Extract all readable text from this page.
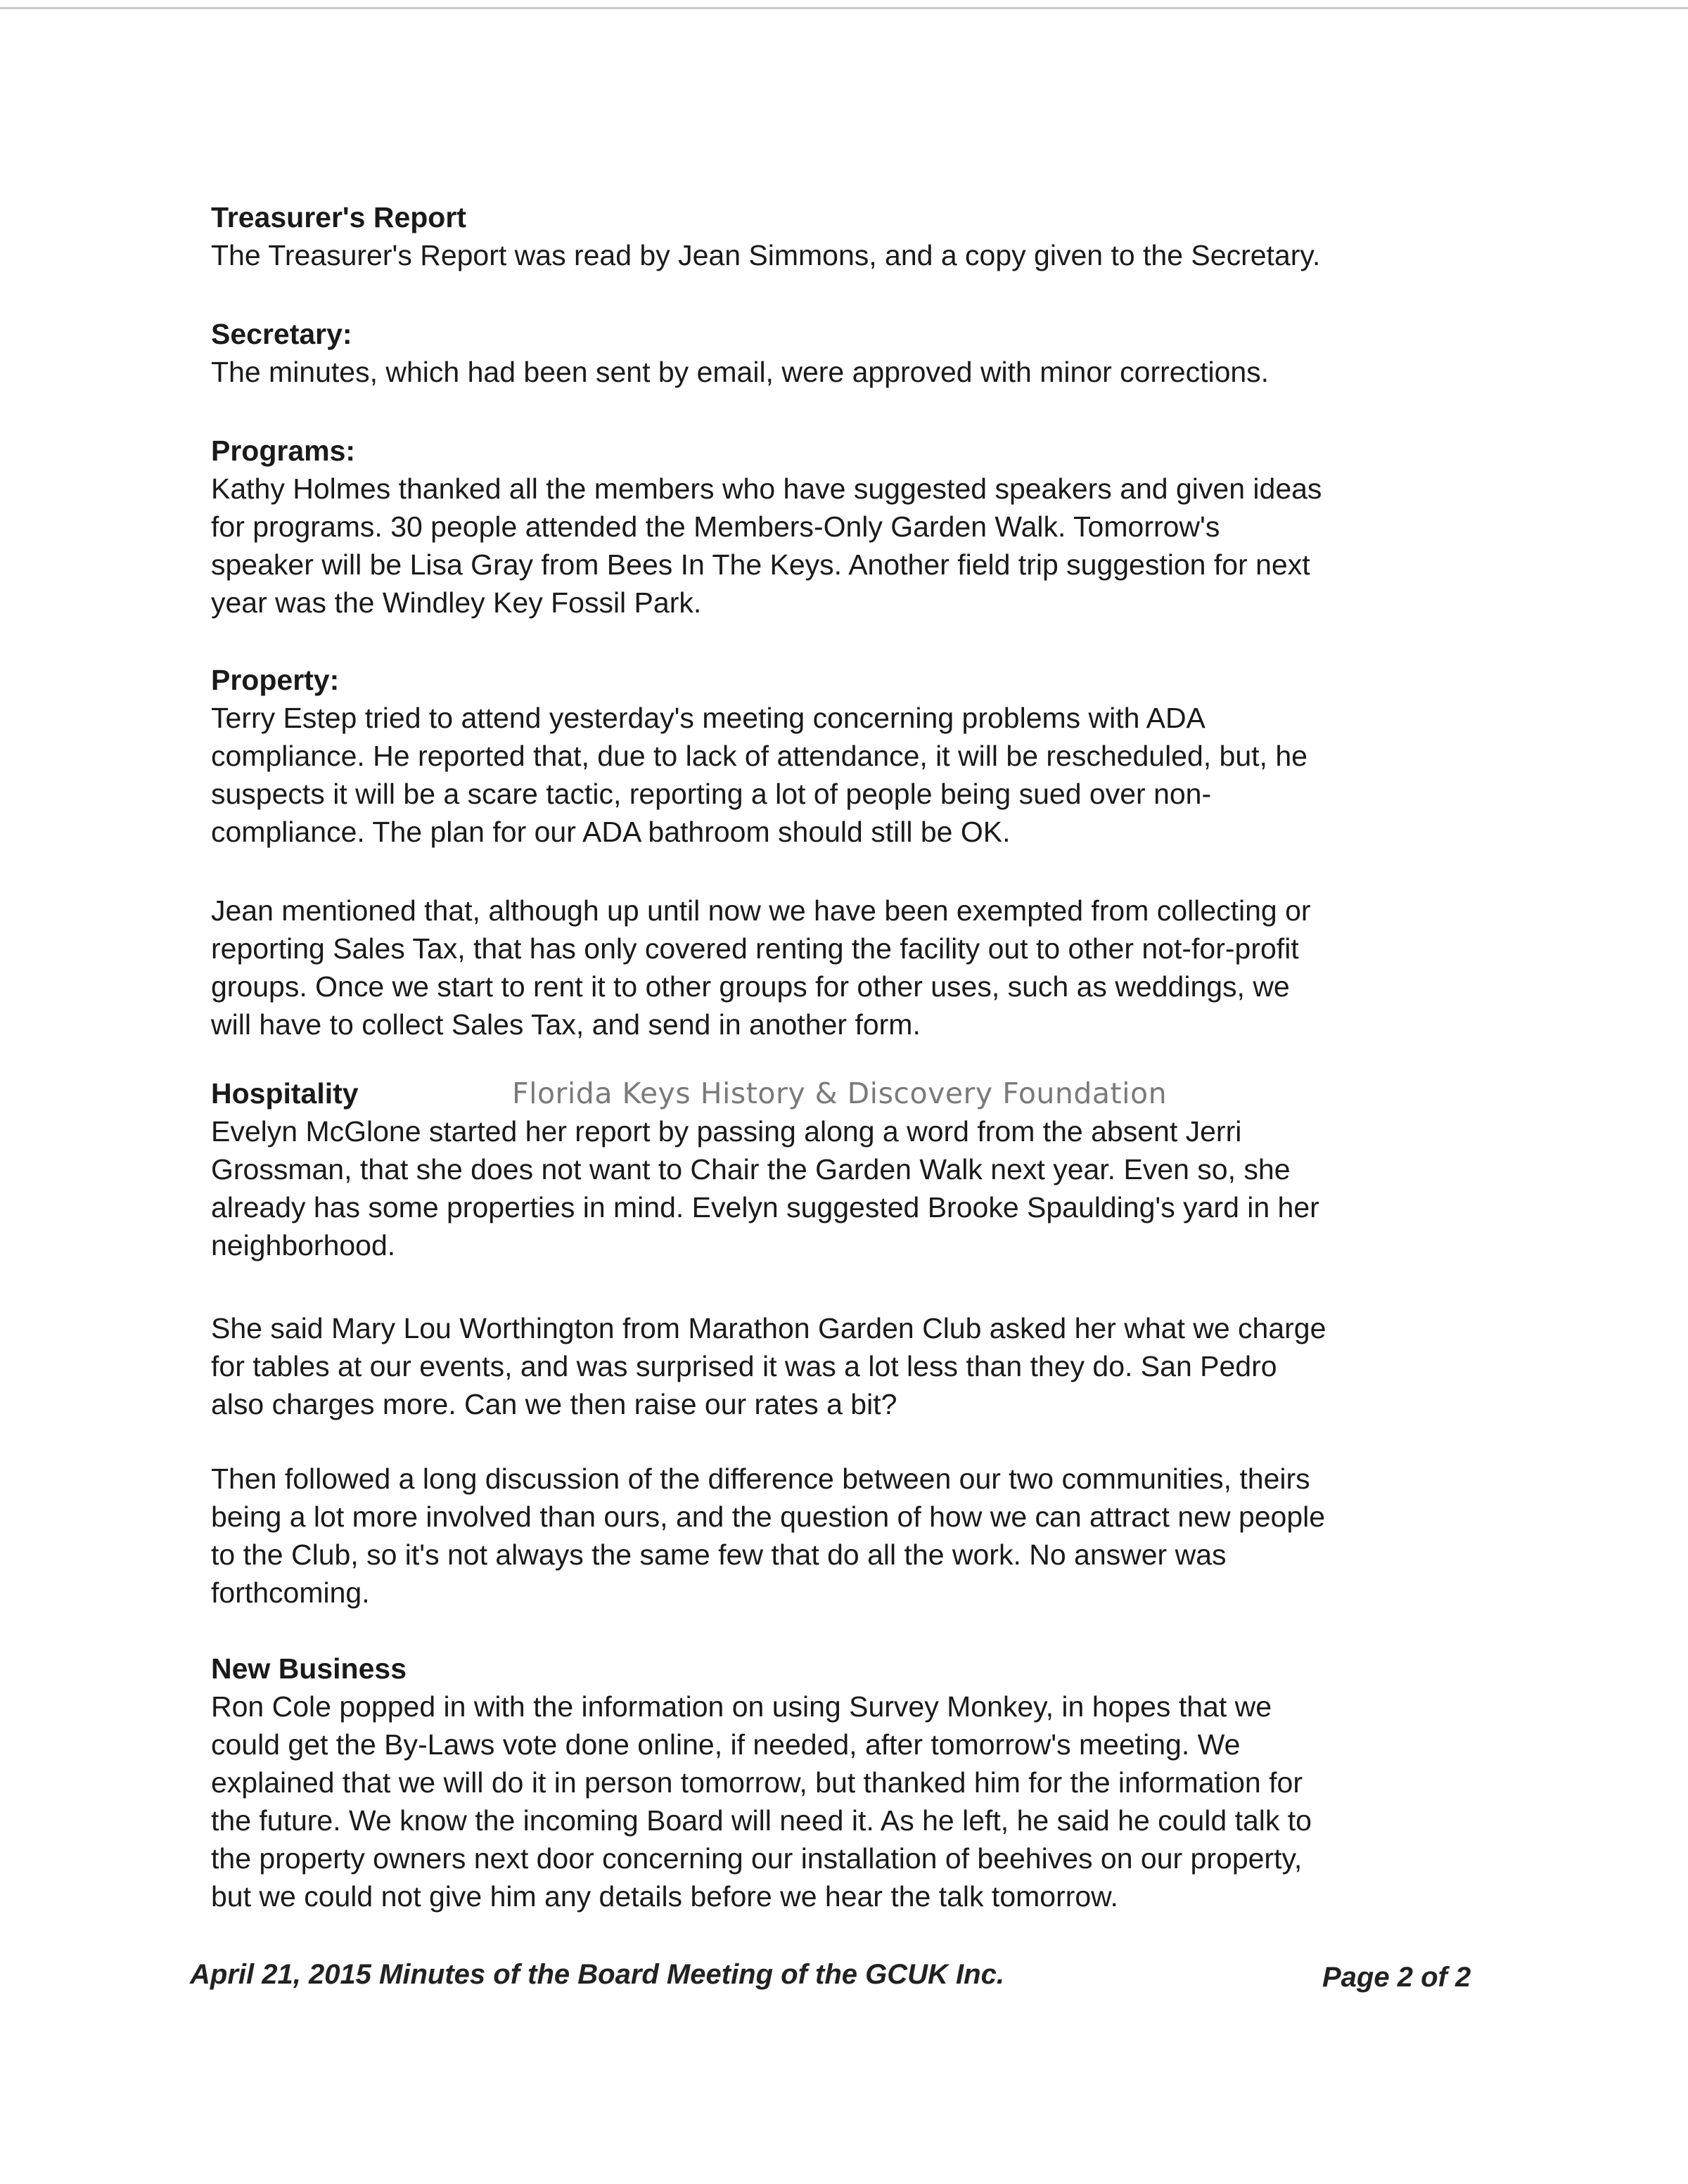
Treasurer's Report
The Treasurer's Report was read by Jean Simmons, and a copy given to the Secretary.
Secretary:
The minutes, which had been sent by email, were approved with minor corrections.
Programs:
Kathy Holmes thanked all the members who have suggested speakers and given ideas
for programs. 30 people attended the Members-Only Garden Walk. Tomorrow's
speaker will be Lisa Gray from Bees In The Keys. Another field trip suggestion for next
year was the Windley Key Fossil Park.
Property:
Terry Estep tried to attend yesterday's meeting concerning problems with ADA
compliance. He reported that, due to lack of attendance, it will be rescheduled, but, he
suspects it will be a scare tactic, reporting a lot of people being sued over non-
compliance. The plan for our ADA bathroom should still be OK.
Jean mentioned that, although up until now we have been exempted from collecting or
reporting Sales Tax, that has only covered renting the facility out to other not-for-profit
groups. Once we start to rent it to other groups for other uses, such as weddings, we
will have to collect Sales Tax, and send in another form.
Hospitality
Evelyn McGlone started her report by passing along a word from the absent Jerri
Grossman, that she does not want to Chair the Garden Walk next year. Even so, she
already has some properties in mind. Evelyn suggested Brooke Spaulding's yard in her
neighborhood.
Florida Keys History & Discovery Foundation
She said Mary Lou Worthington from Marathon Garden Club asked her what we charge
for tables at our events, and was surprised it was a lot less than they do. San Pedro
also charges more. Can we then raise our rates a bit?
Then followed a long discussion of the difference between our two communities, theirs
being a lot more involved than ours, and the question of how we can attract new people
to the Club, so it's not always the same few that do all the work. No answer was
forthcoming.
New Business
Ron Cole popped in with the information on using Survey Monkey, in hopes that we
could get the By-Laws vote done online, if needed, after tomorrow's meeting. We
explained that we will do it in person tomorrow, but thanked him for the information for
the future. We know the incoming Board will need it. As he left, he said he could talk to
the property owners next door concerning our installation of beehives on our property,
but we could not give him any details before we hear the talk tomorrow.
April 21, 2015 Minutes of the Board Meeting of the GCUK Inc.	Page 2 of 2
